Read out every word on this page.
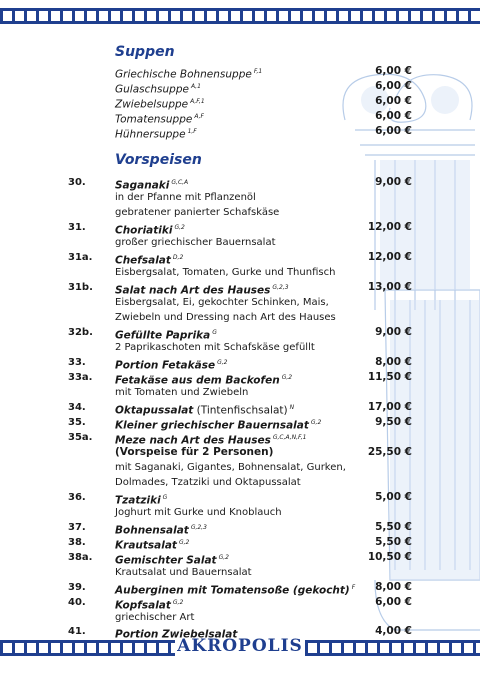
Suppen
Griechische Bohnensuppe $^{F,1}$	6,00 €
Gulaschsuppe $^{A,1}$	6,00 €
Zwiebelsuppe $^{A,F,1}$	6,00 €
Tomatensuppe $^{A,F}$	6,00 €
Hühnersuppe $^{1,F}$	6,00 €
Vorspeisen
30.	Saganaki $^{G,C,A}$	9,00 €
in der Pfanne mit Pflanzenöl
gebratener panierter Schafskäse
31.	Choriatiki $^{G,2}$	12,00 €
großer griechischer Bauernsalat
31a. Chefsalat $^{D,2}$	12,00 €
Eisbergsalat, Tomaten, Gurke und Thunfisch
31b. Salat nach Art des Hauses $^{G,2,3}$	13,00 €
Eisbergsalat, Ei, gekochter Schinken, Mais,
Zwiebeln und Dressing nach Art des Hauses
32b. Gefüllte Paprika $^G$	9,00 €
2 Paprikaschoten mit Schafskäse gefüllt
33.	Portion Fetakäse $^{G,2}$	8,00 €
33a. Fetakäse aus dem Backofen $^{G,2}$	11,50 €
mit Tomaten und Zwiebeln
34.	Oktapussalat (Tintenfischsalat) $^N$	17,00 €
35.	Kleiner griechischer Bauernsalat $^{G,2}$	9,50 €
35a. Meze nach Art des Hauses $^{G,C,A,N,F,1}$
(Vorspeise für 2 Personen)	25,50 €
mit Saganaki, Gigantes, Bohnensalat, Gurken,
Dolmades, Tzatziki und Oktapussalat
36.	Tzatziki $^G$	5,00 €
Joghurt mit Gurke und Knoblauch
37.	Bohnensalat $^{G,2,3}$	5,50 €
38.	Krautsalat $^{G,2}$	5,50 €
38a. Gemischter Salat $^{G,2}$	10,50 €
Krautsalat und Bauernsalat
39.	Auberginen mit Tomatensoße (gekocht) $^F$ 8,00 €
40.	Kopfsalat $^{G,2}$	6,00 €
griechischer Art
41.	Portion Zwiebelsalat	4,00 €
AKROPOLIS
